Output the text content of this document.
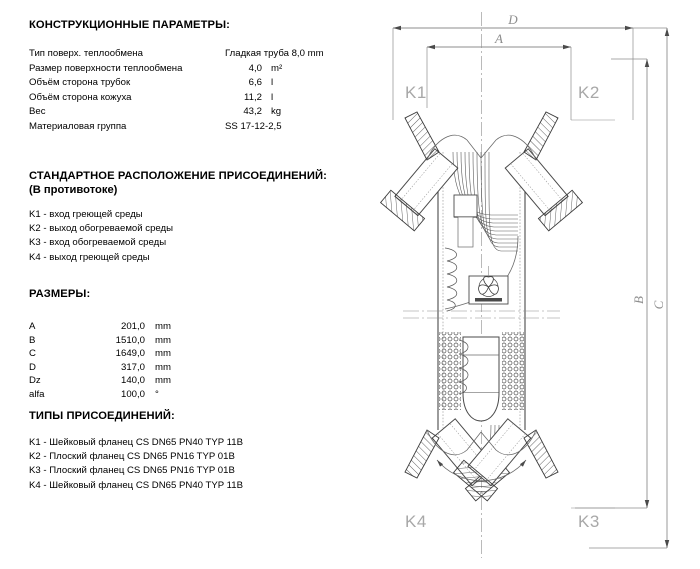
КОНСТРУКЦИОННЫЕ ПАРАМЕТРЫ:
Тип поверх. теплообмена	Гладкая труба 8,0 mm	
Размер поверхности теплообмена	4,0	m²
Объём сторона трубок	6,6	l
Объём сторона кожуха	11,2	l
Вес	43,2	kg
Материаловая группа	SS 17-12-2,5	
СТАНДАРТНОЕ РАСПОЛОЖЕНИЕ ПРИСОЕДИНЕНИЙ:
(В противотоке)
K1 - вход греющей среды
K2 - выход обогреваемой среды
K3 - вход обогреваемой среды
K4 - выход греющей среды
РАЗМЕРЫ:
A	201,0	mm
B	1510,0	mm
C	1649,0	mm
D	317,0	mm
Dz	140,0	mm
alfa	100,0	°
ТИПЫ ПРИСОЕДИНЕНИЙ:
K1 - Шейковый фланец CS DN65 PN40 TYP 11B
K2 - Плоский фланец CS DN65 PN16 TYP 01B
K3 - Плоский фланец CS DN65 PN16 TYP 01B
K4 - Шейковый фланец CS DN65 PN40 TYP 11B
D
A
B
C
α
K1	K2
K3
K4
